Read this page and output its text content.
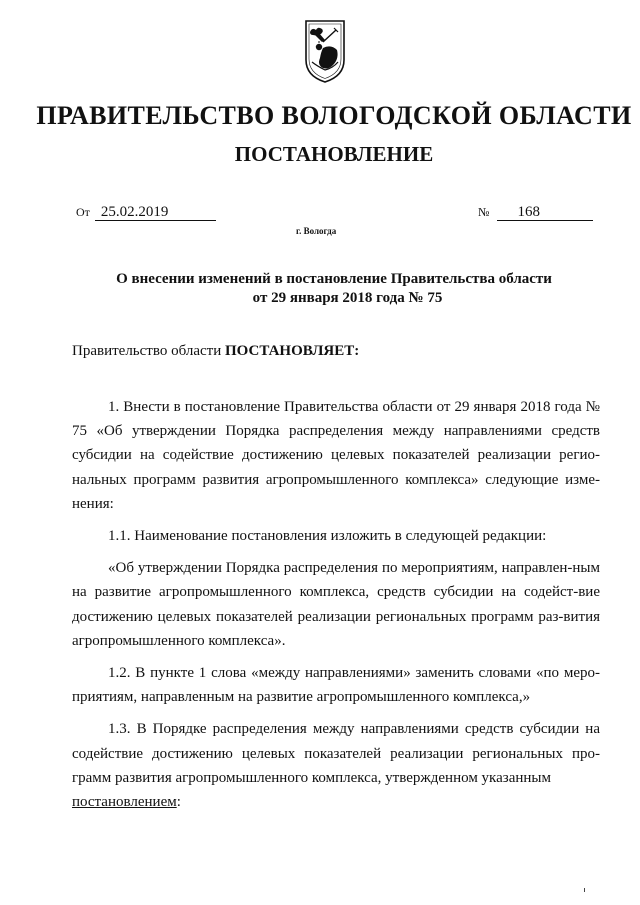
ПРАВИТЕЛЬСТВО ВОЛОГОДСКОЙ ОБЛАСТИ
ПОСТАНОВЛЕНИЕ
От 25.02.2019	№ 168
г. Вологда
О внесении изменений в постановление Правительства области
от 29 января 2018 года № 75
Правительство области ПОСТАНОВЛЯЕТ:

1. Внести в постановление Правительства области от 29 января 2018 года № 75 «Об утверждении Порядка распределения между направлениями средств субсидии на содействие достижению целевых показателей реализации регио-нальных программ развития агропромышленного комплекса» следующие изме-нения:

1.1. Наименование постановления изложить в следующей редакции:

«Об утверждении Порядка распределения по мероприятиям, направлен-ным на развитие агропромышленного комплекса, средств субсидии на содейст-вие достижению целевых показателей реализации региональных программ раз-вития агропромышленного комплекса».

1.2. В пункте 1 слова «между направлениями» заменить словами «по меро-приятиям, направленным на развитие агропромышленного комплекса,»

1.3. В Порядке распределения между направлениями средств субсидии на содействие достижению целевых показателей реализации региональных про-грамм развития агропромышленного комплекса, утвержденном указанным
постановлением:
